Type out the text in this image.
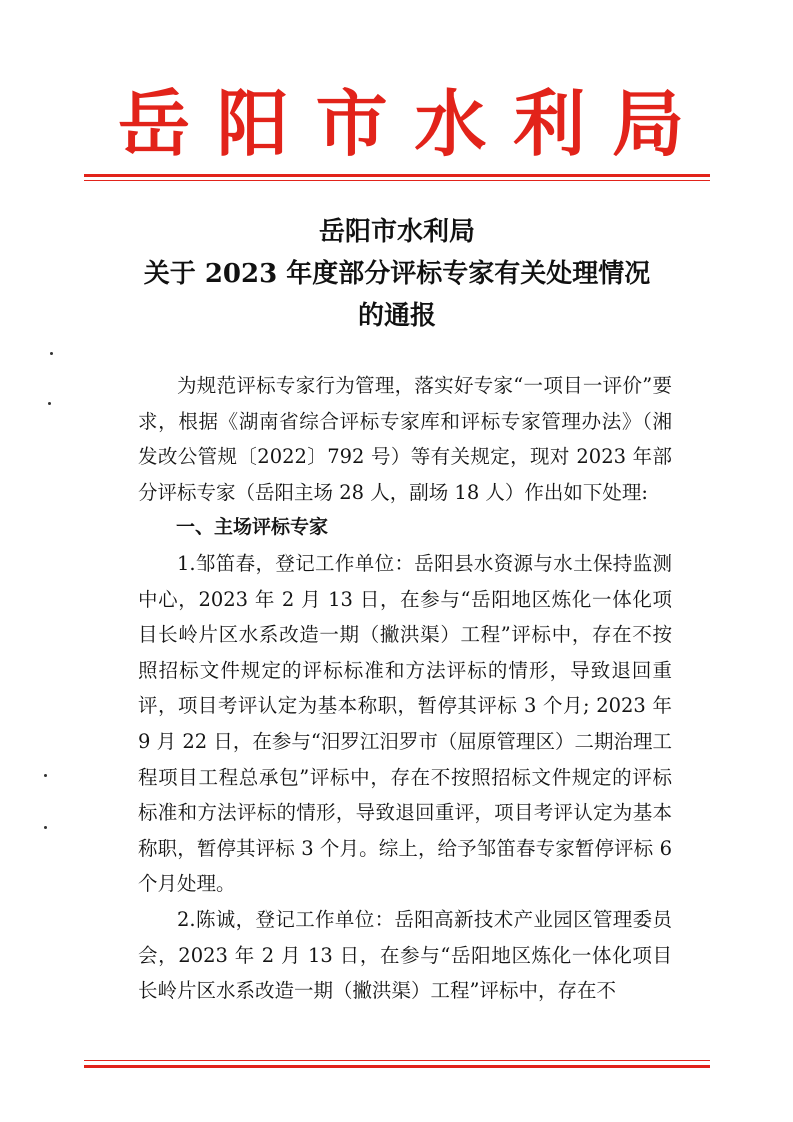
岳 阳 市 水 利 局
岳阳市水利局
关于 2023 年度部分评标专家有关处理情况
的通报

为规范评标专家行为管理，落实好专家“一项目一评价”要求，根据《湖南省综合评标专家库和评标专家管理办法》（湘发改公管规〔2022〕792 号）等有关规定，现对 2023 年部分评标专家（岳阳主场 28 人，副场 18 人）作出如下处理:

一、主场评标专家

1.邹笛春，登记工作单位：岳阳县水资源与水土保持监测中心，2023 年 2 月 13 日，在参与“岳阳地区炼化一体化项目长岭片区水系改造一期（撇洪渠）工程”评标中，存在不按照招标文件规定的评标标准和方法评标的情形，导致退回重评，项目考评认定为基本称职，暂停其评标 3 个月; 2023 年 9 月 22 日，在参与“汨罗江汨罗市（屈原管理区）二期治理工程项目工程总承包”评标中，存在不按照招标文件规定的评标标准和方法评标的情形，导致退回重评，项目考评认定为基本称职，暂停其评标 3 个月。综上，给予邹笛春专家暂停评标 6 个月处理。

2.陈诚，登记工作单位：岳阳高新技术产业园区管理委员会，2023 年 2 月 13 日，在参与“岳阳地区炼化一体化项目长岭片区水系改造一期（撇洪渠）工程”评标中，存在不
